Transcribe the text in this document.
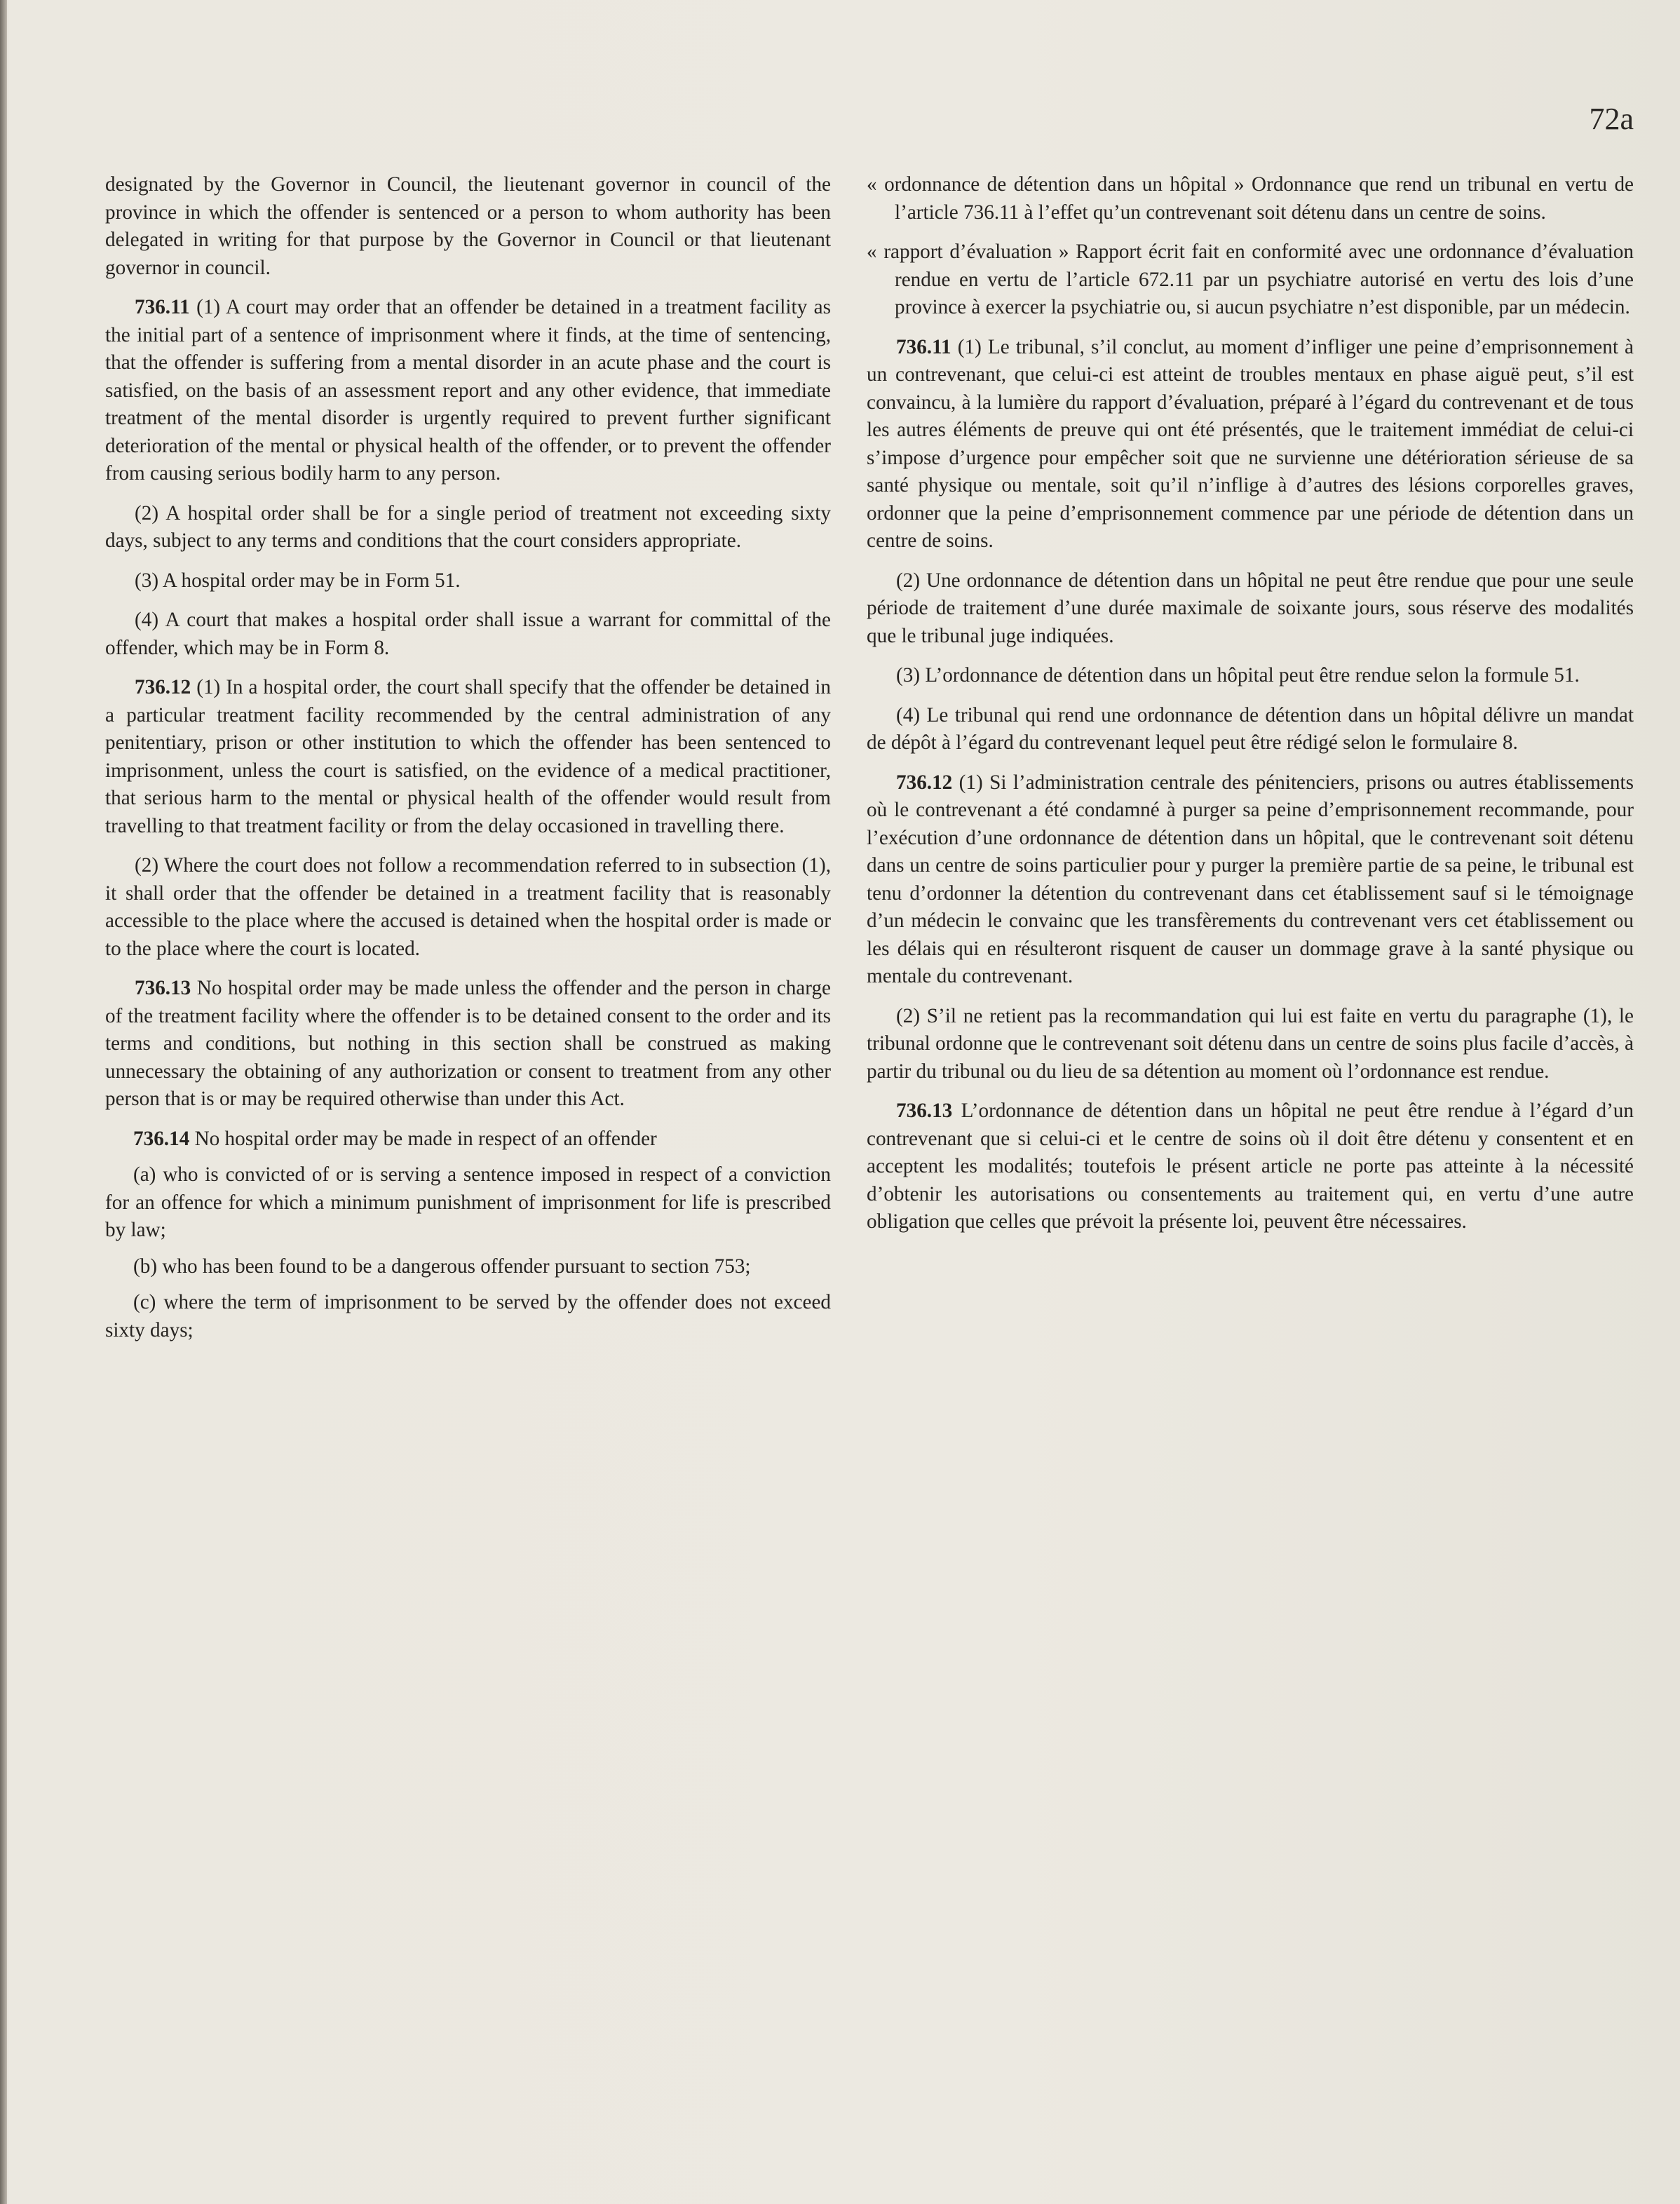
72a

designated by the Governor in Council, the lieutenant governor in council of the province in which the offender is sentenced or a person to whom authority has been delegated in writing for that purpose by the Governor in Council or that lieutenant governor in council.

736.11 (1) A court may order that an offender be detained in a treatment facility as the initial part of a sentence of imprisonment where it finds, at the time of sentencing, that the offender is suffering from a mental disorder in an acute phase and the court is satisfied, on the basis of an assessment report and any other evidence, that immediate treatment of the mental disorder is urgently required to prevent further significant deterioration of the mental or physical health of the offender, or to prevent the offender from causing serious bodily harm to any person.

(2) A hospital order shall be for a single period of treatment not exceeding sixty days, subject to any terms and conditions that the court considers appropriate.

(3) A hospital order may be in Form 51.

(4) A court that makes a hospital order shall issue a warrant for committal of the offender, which may be in Form 8.

736.12 (1) In a hospital order, the court shall specify that the offender be detained in a particular treatment facility recommended by the central administration of any penitentiary, prison or other institution to which the offender has been sentenced to imprisonment, unless the court is satisfied, on the evidence of a medical practitioner, that serious harm to the mental or physical health of the offender would result from travelling to that treatment facility or from the delay occasioned in travelling there.

(2) Where the court does not follow a recommendation referred to in subsection (1), it shall order that the offender be detained in a treatment facility that is reasonably accessible to the place where the accused is detained when the hospital order is made or to the place where the court is located.

736.13 No hospital order may be made unless the offender and the person in charge of the treatment facility where the offender is to be detained consent to the order and its terms and conditions, but nothing in this section shall be construed as making unnecessary the obtaining of any authorization or consent to treatment from any other person that is or may be required otherwise than under this Act.

736.14 No hospital order may be made in respect of an offender

(a) who is convicted of or is serving a sentence imposed in respect of a conviction for an offence for which a minimum punishment of imprisonment for life is prescribed by law;

(b) who has been found to be a dangerous offender pursuant to section 753;

(c) where the term of imprisonment to be served by the offender does not exceed sixty days;

« ordonnance de détention dans un hôpital » Ordonnance que rend un tribunal en vertu de l’article 736.11 à l’effet qu’un contrevenant soit détenu dans un centre de soins.

« rapport d’évaluation » Rapport écrit fait en conformité avec une ordonnance d’évaluation rendue en vertu de l’article 672.11 par un psychiatre autorisé en vertu des lois d’une province à exercer la psychiatrie ou, si aucun psychiatre n’est disponible, par un médecin.

736.11 (1) Le tribunal, s’il conclut, au moment d’infliger une peine d’emprisonnement à un contrevenant, que celui-ci est atteint de troubles mentaux en phase aiguë peut, s’il est convaincu, à la lumière du rapport d’évaluation, préparé à l’égard du contrevenant et de tous les autres éléments de preuve qui ont été présentés, que le traitement immédiat de celui-ci s’impose d’urgence pour empêcher soit que ne survienne une détérioration sérieuse de sa santé physique ou mentale, soit qu’il n’inflige à d’autres des lésions corporelles graves, ordonner que la peine d’emprisonnement commence par une période de détention dans un centre de soins.

(2) Une ordonnance de détention dans un hôpital ne peut être rendue que pour une seule période de traitement d’une durée maximale de soixante jours, sous réserve des modalités que le tribunal juge indiquées.

(3) L’ordonnance de détention dans un hôpital peut être rendue selon la formule 51.

(4) Le tribunal qui rend une ordonnance de détention dans un hôpital délivre un mandat de dépôt à l’égard du contrevenant lequel peut être rédigé selon le formulaire 8.

736.12 (1) Si l’administration centrale des pénitenciers, prisons ou autres établissements où le contrevenant a été condamné à purger sa peine d’emprisonnement recommande, pour l’exécution d’une ordonnance de détention dans un hôpital, que le contrevenant soit détenu dans un centre de soins particulier pour y purger la première partie de sa peine, le tribunal est tenu d’ordonner la détention du contrevenant dans cet établissement sauf si le témoignage d’un médecin le convainc que les transfèrements du contrevenant vers cet établissement ou les délais qui en résulteront risquent de causer un dommage grave à la santé physique ou mentale du contrevenant.

(2) S’il ne retient pas la recommandation qui lui est faite en vertu du paragraphe (1), le tribunal ordonne que le contrevenant soit détenu dans un centre de soins plus facile d’accès, à partir du tribunal ou du lieu de sa détention au moment où l’ordonnance est rendue.

736.13 L’ordonnance de détention dans un hôpital ne peut être rendue à l’égard d’un contrevenant que si celui-ci et le centre de soins où il doit être détenu y consentent et en acceptent les modalités; toutefois le présent article ne porte pas atteinte à la nécessité d’obtenir les autorisations ou consentements au traitement qui, en vertu d’une autre obligation que celles que prévoit la présente loi, peuvent être nécessaires.
